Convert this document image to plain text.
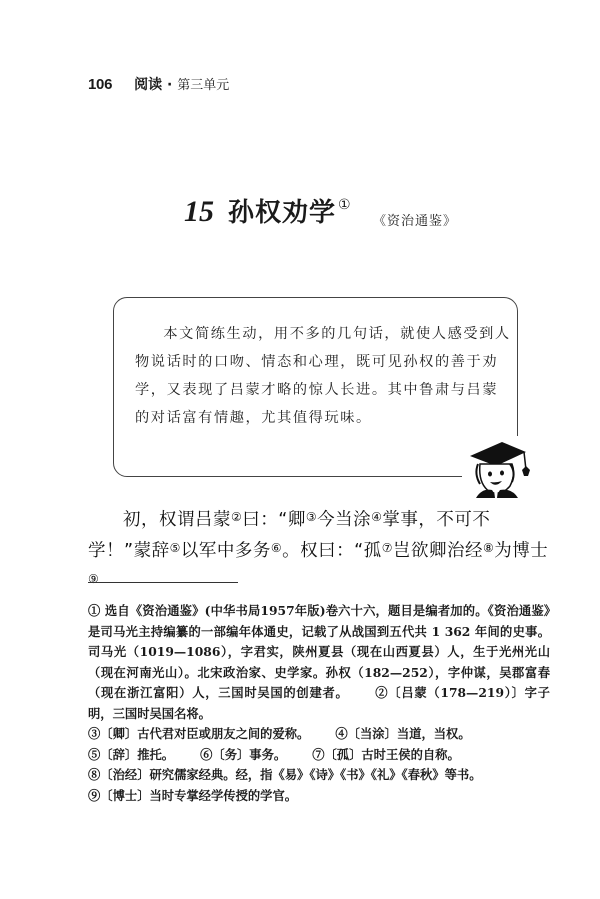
106 阅读 · 第三单元
15 孙权劝学 ①
《资治通鉴》
本文简练生动，用不多的几句话，就使人感受到人物说话时的口吻、情态和心理，既可见孙权的善于劝学，又表现了吕蒙才略的惊人长进。其中鲁肃与吕蒙的对话富有情趣，尤其值得玩味。
初，权谓吕蒙②曰：“卿③今当涂④掌事，不可不学！”蒙辞⑤以军中多务⑥。权曰：“孤⑦岂欲卿治经⑧为博士⑨

① 选自《资治通鉴》(中华书局1957年版)卷六十六，题目是编者加的。《资治通鉴》是司马光主持编纂的一部编年体通史，记载了从战国到五代共 1 362 年间的史事。司马光（1019—1086），字君实，陕州夏县（现在山西夏县）人，生于光州光山（现在河南光山）。北宋政治家、史学家。孙权（182—252），字仲谋，吴郡富春（现在浙江富阳）人，三国时吴国的创建者。 ②〔吕蒙（178—219）〕字子明，三国时吴国名将。

③〔卿〕古代君对臣或朋友之间的爱称。 ④〔当涂〕当道，当权。

⑤〔辞〕推托。 ⑥〔务〕事务。 ⑦〔孤〕古时王侯的自称。

⑧〔治经〕研究儒家经典。经，指《易》《诗》《书》《礼》《春秋》等书。

⑨〔博士〕当时专掌经学传授的学官。
